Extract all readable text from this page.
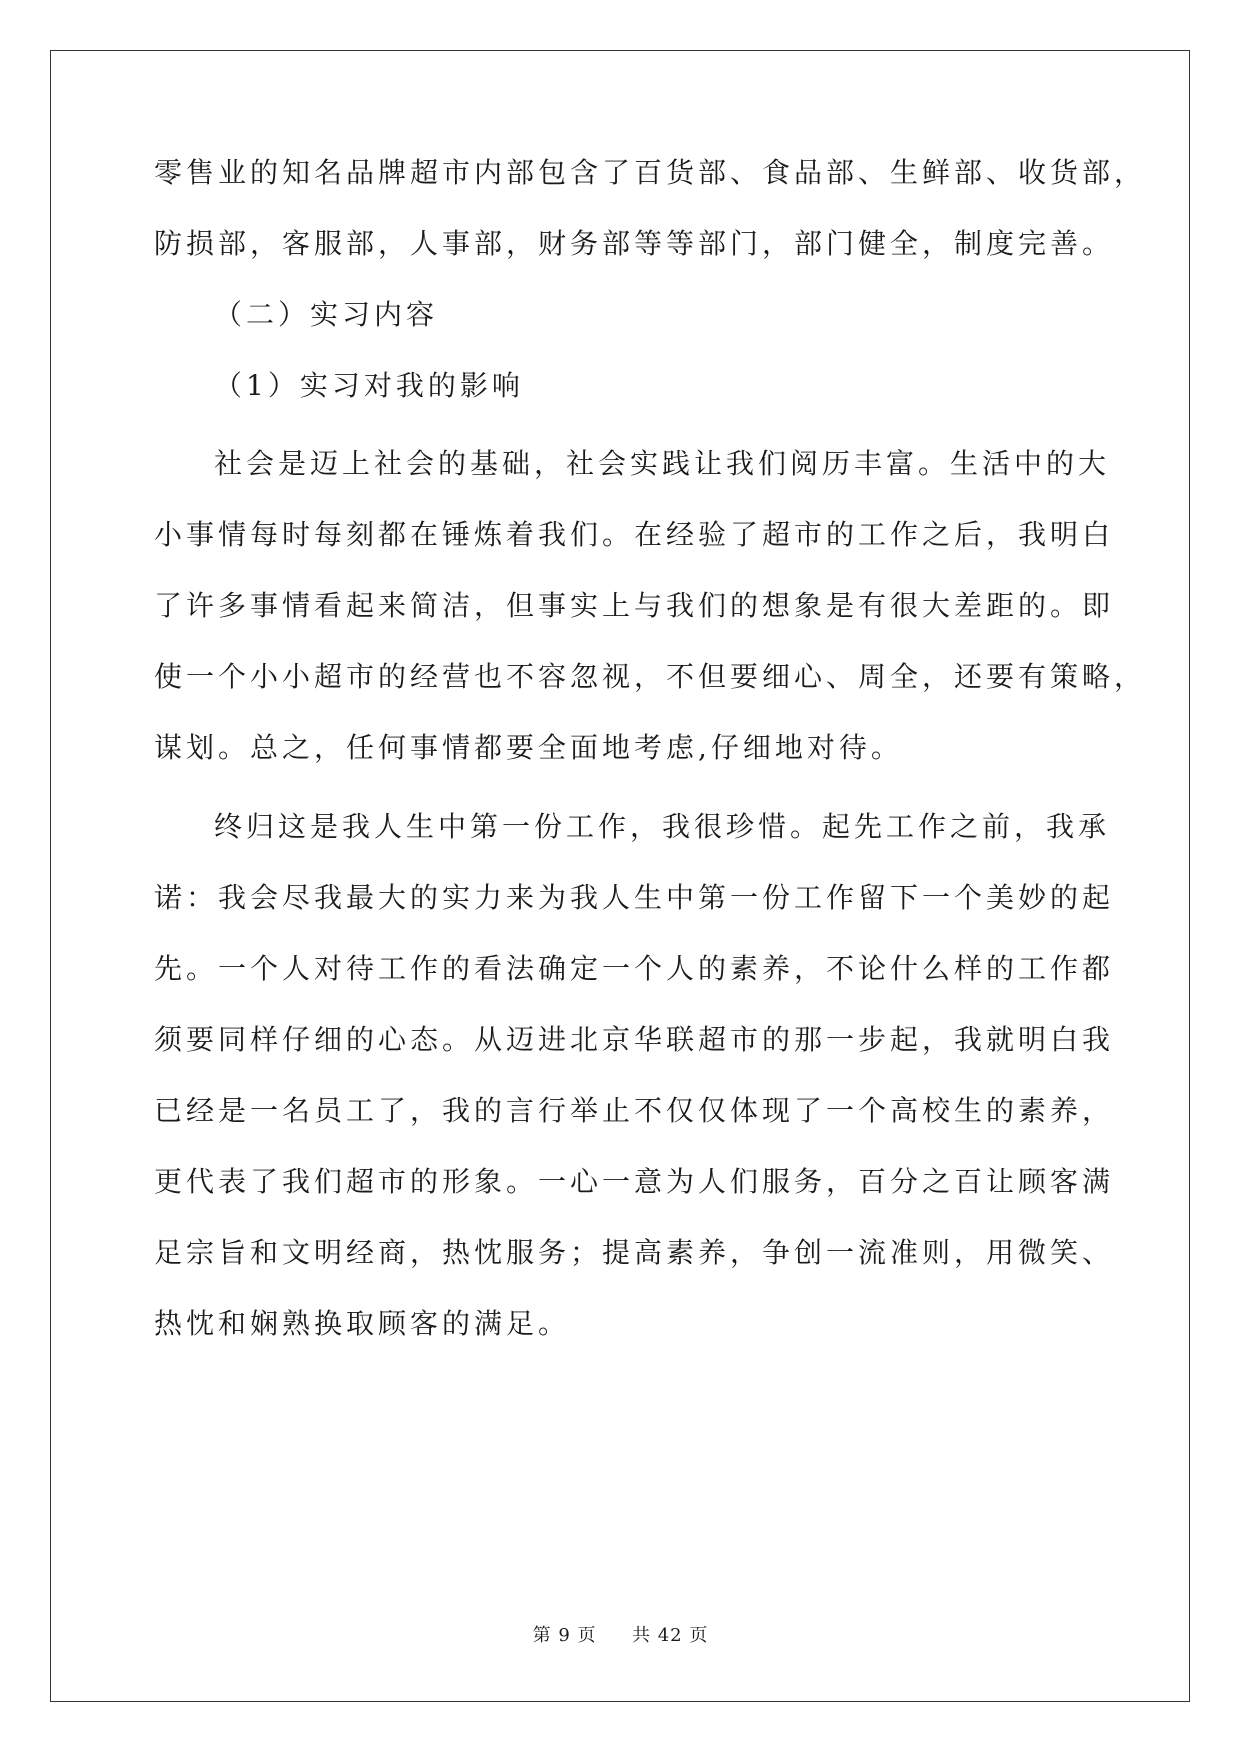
零售业的知名品牌超市内部包含了百货部、食品部、生鲜部、收货部，
防损部，客服部，人事部，财务部等等部门，部门健全，制度完善。
（二）实习内容
（1）实习对我的影响
社会是迈上社会的基础，社会实践让我们阅历丰富。生活中的大
小事情每时每刻都在锤炼着我们。在经验了超市的工作之后，我明白
了许多事情看起来简洁，但事实上与我们的想象是有很大差距的。即
使一个小小超市的经营也不容忽视，不但要细心、周全，还要有策略，
谋划。总之，任何事情都要全面地考虑,仔细地对待。
终归这是我人生中第一份工作，我很珍惜。起先工作之前，我承
诺：我会尽我最大的实力来为我人生中第一份工作留下一个美妙的起
先。一个人对待工作的看法确定一个人的素养，不论什么样的工作都
须要同样仔细的心态。从迈进北京华联超市的那一步起，我就明白我
已经是一名员工了，我的言行举止不仅仅体现了一个高校生的素养，
更代表了我们超市的形象。一心一意为人们服务，百分之百让顾客满
足宗旨和文明经商，热忱服务；提高素养，争创一流准则，用微笑、
热忱和娴熟换取顾客的满足。
第 9 页 共 42 页
